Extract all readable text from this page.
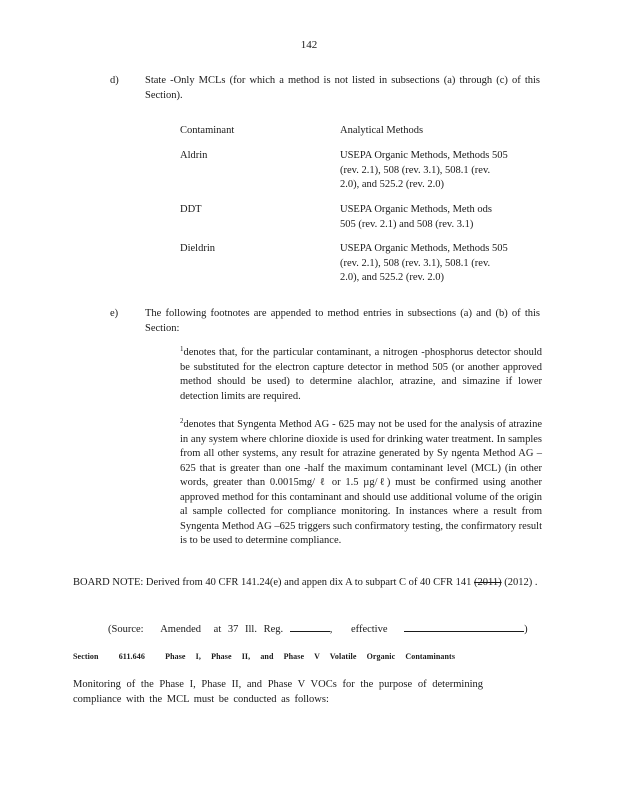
142
d)	State -Only MCLs (for which a method is not listed in subsections (a) through (c) of this Section).
Contaminant	Analytical Methods
Aldrin	USEPA Organic Methods, Methods 505 (rev. 2.1), 508 (rev. 3.1), 508.1 (rev. 2.0), and 525.2 (rev. 2.0)
DDT	USEPA Organic Methods, Meth ods 505 (rev. 2.1) and 508 (rev. 3.1)
Dieldrin	USEPA Organic Methods, Methods 505 (rev. 2.1), 508 (rev. 3.1), 508.1 (rev. 2.0), and 525.2 (rev. 2.0)
e)	The following footnotes are appended to method entries in subsections (a) and (b) of this Section:
$^1$denotes that, for the particular contaminant, a nitrogen -phosphorus detector should be substituted for the electron capture detector in method 505 (or another approved method should be used) to determine alachlor, atrazine, and simazine if lower detection limits are required.
$^2$denotes that Syngenta Method AG - 625 may not be used for the analysis of atrazine in any system where chlorine dioxide is used for drinking water treatment. In samples from all other systems, any result for atrazine generated by Sy ngenta Method AG – 625 that is greater than one -half the maximum contaminant level (MCL) (in other words, greater than 0.0015mg/ ℓ or 1.5 µg/ℓ) must be confirmed using another approved method for this contaminant and should use additional volume of the origin al sample collected for compliance monitoring. In instances where a result from Syngenta Method AG –625 triggers such confirmatory testing, the confirmatory result is to be used to determine compliance.
BOARD NOTE: Derived from 40 CFR 141.24(e) and appen dix A to subpart C of 40 CFR 141 (2011) (2012) .
(Source: Amended at 37 Ill. Reg.	, effective	)
Section	611.646	Phase I, Phase II, and Phase V Volatile Organic Contaminants
Monitoring of the Phase I, Phase II, and Phase V VOCs for the purpose of determining compliance with the MCL must be conducted as follows:
